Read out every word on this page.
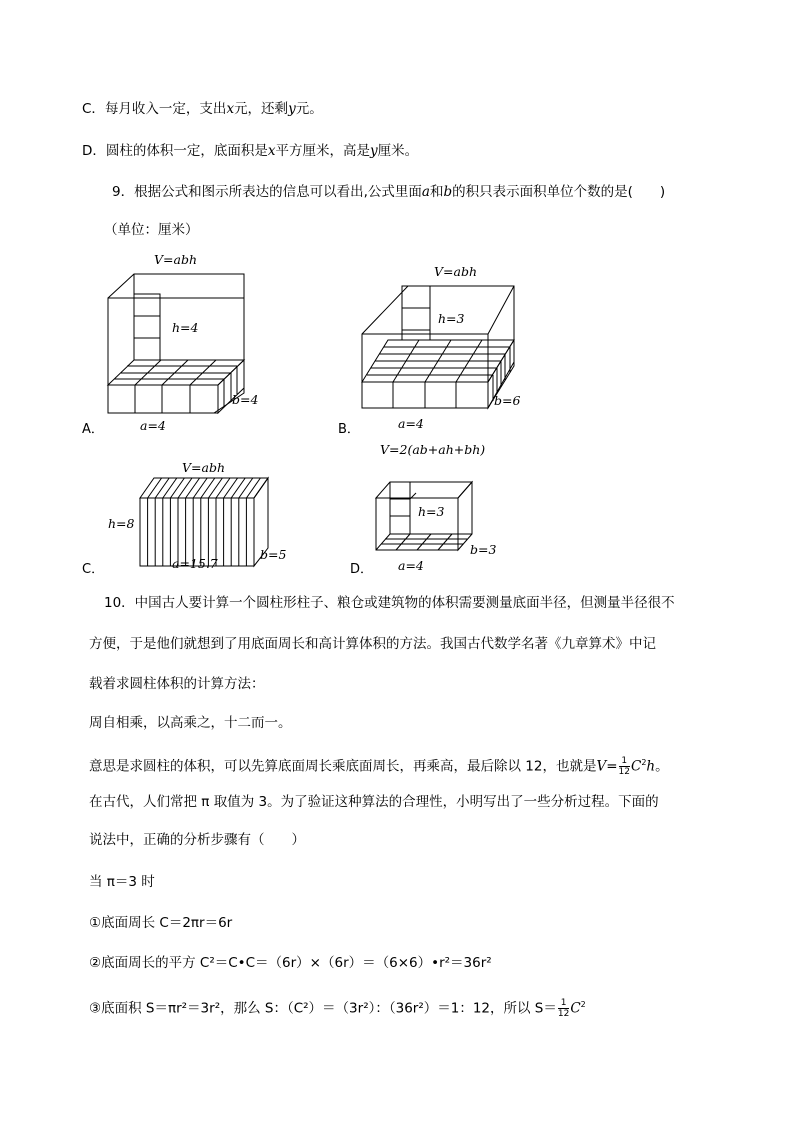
C．每月收入一定，支出x元，还剩y元。
D．圆柱的体积一定，底面积是x平方厘米，高是y厘米。
9．根据公式和图示所表达的信息可以看出,公式里面a和b的积只表示面积单位个数的是(　　)
（单位：厘米）
V=abh
h=4
b=4
a=4
A．
V=abh
h=3
b=6
a=4
B．
V=abh
h=8
b=5
a=15.7
C．
V=2(ab+ah+bh)
h=3
b=3
a=4
D．
10．中国古人要计算一个圆柱形柱子、粮仓或建筑物的体积需要测量底面半径，但测量半径很不
方便，于是他们就想到了用底面周长和高计算体积的方法。我国古代数学名著《九章算术》中记
载着求圆柱体积的计算方法：
周自相乘，以高乘之，十二而一。
意思是求圆柱的体积，可以先算底面周长乘底面周长，再乘高，最后除以 12，也就是$V= \frac{1}{12} C^2h$。
在古代，人们常把 π 取值为 3。为了验证这种算法的合理性，小明写出了一些分析过程。下面的
说法中，正确的分析步骤有（　　）
当 π＝3 时
①底面周长 C＝2πr＝6r
②底面周长的平方 C²＝C•C＝（6r）×（6r）＝（6×6）•r²＝36r²
③底面积 S＝πr²＝3r²，那么 S：（C²）＝（3r²）：（36r²）＝1：12，所以 $S= \frac{1}{12} C^2$
